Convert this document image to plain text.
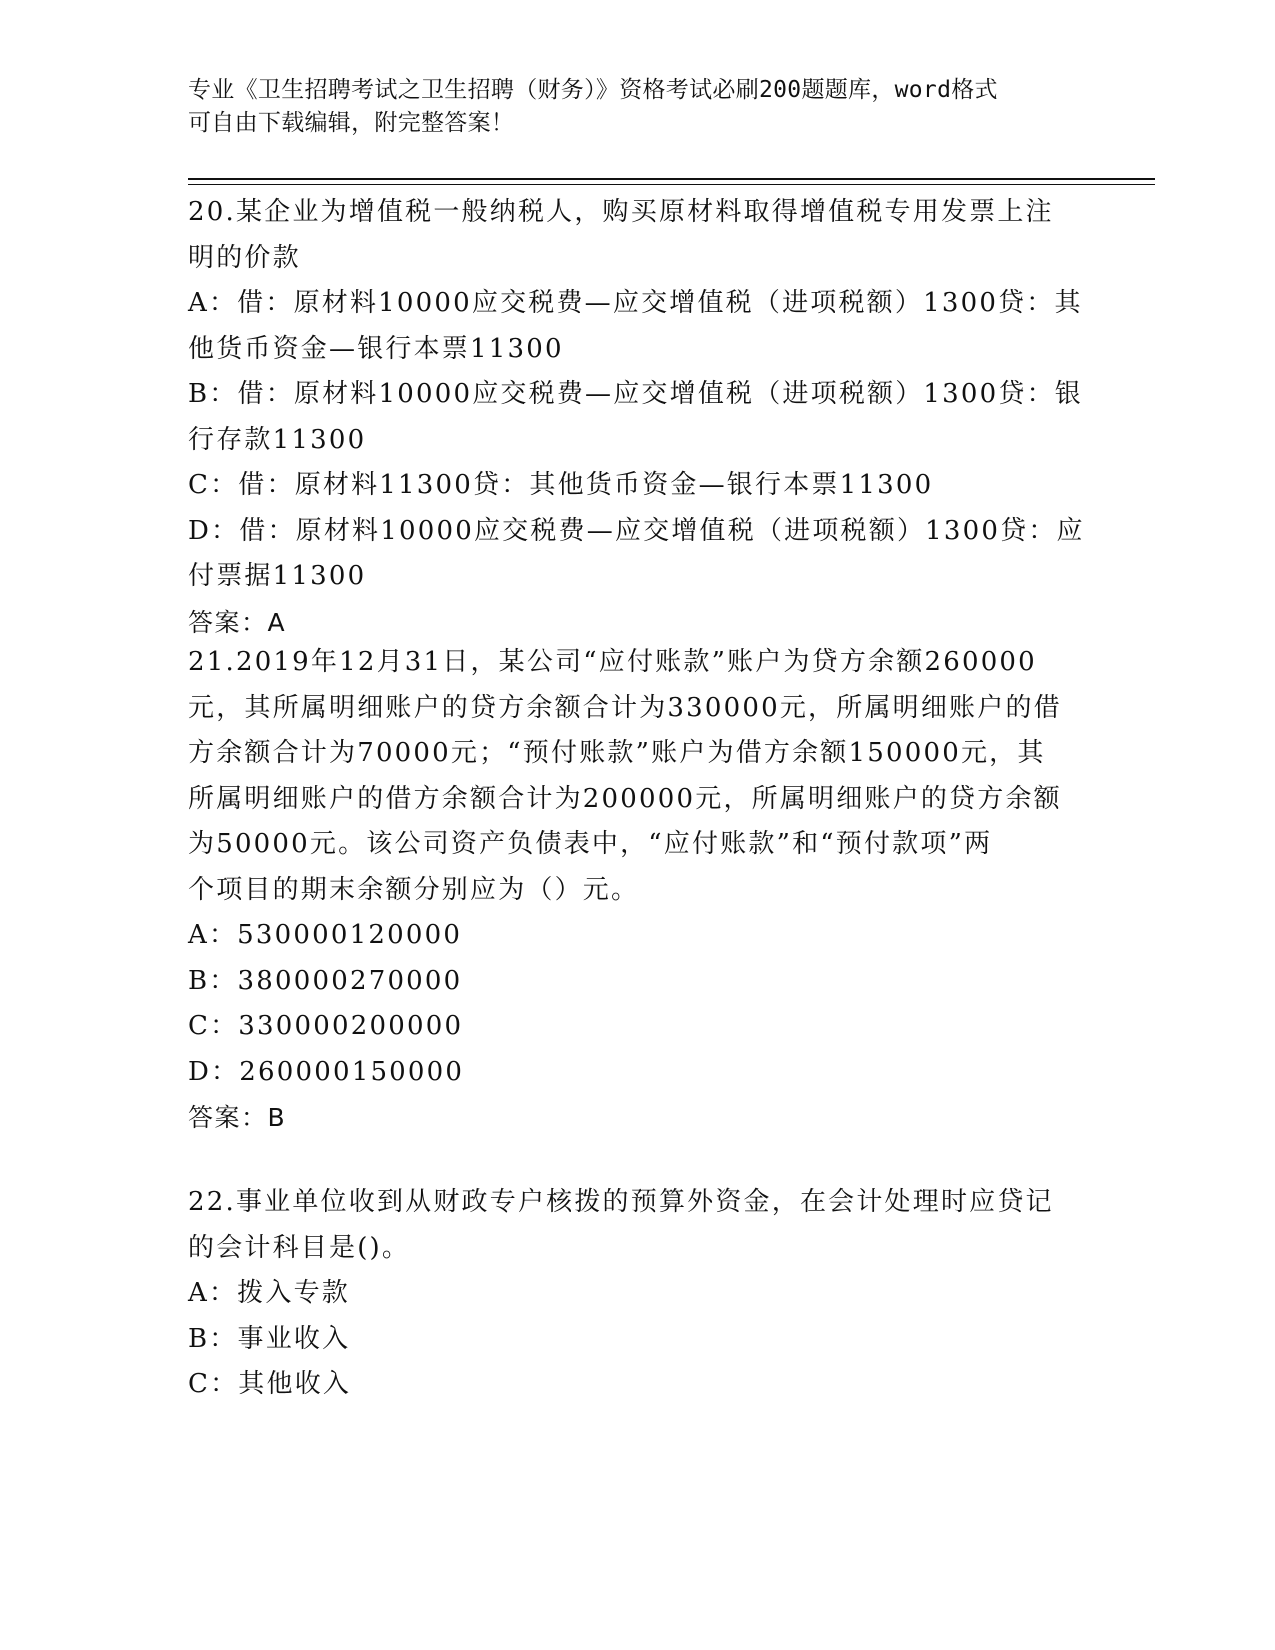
专业《卫生招聘考试之卫生招聘（财务）》资格考试必刷200题题库，word格式
可自由下载编辑，附完整答案！
20.某企业为增值税一般纳税人，购买原材料取得增值税专用发票上注
明的价款
A：借：原材料10000应交税费—应交增值税（进项税额）1300贷：其
他货币资金—银行本票11300
B：借：原材料10000应交税费—应交增值税（进项税额）1300贷：银
行存款11300
C：借：原材料11300贷：其他货币资金—银行本票11300
D：借：原材料10000应交税费—应交增值税（进项税额）1300贷：应
付票据11300
答案：A
21.2019年12月31日，某公司“应付账款”账户为贷方余额260000
元，其所属明细账户的贷方余额合计为330000元，所属明细账户的借
方余额合计为70000元；“预付账款”账户为借方余额150000元，其
所属明细账户的借方余额合计为200000元，所属明细账户的贷方余额
为50000元。该公司资产负债表中，“应付账款”和“预付款项”两
个项目的期末余额分别应为（）元。
A：530000120000
B：380000270000
C：330000200000
D：260000150000
答案：B
22.事业单位收到从财政专户核拨的预算外资金，在会计处理时应贷记
的会计科目是()。
A：拨入专款
B：事业收入
C：其他收入
